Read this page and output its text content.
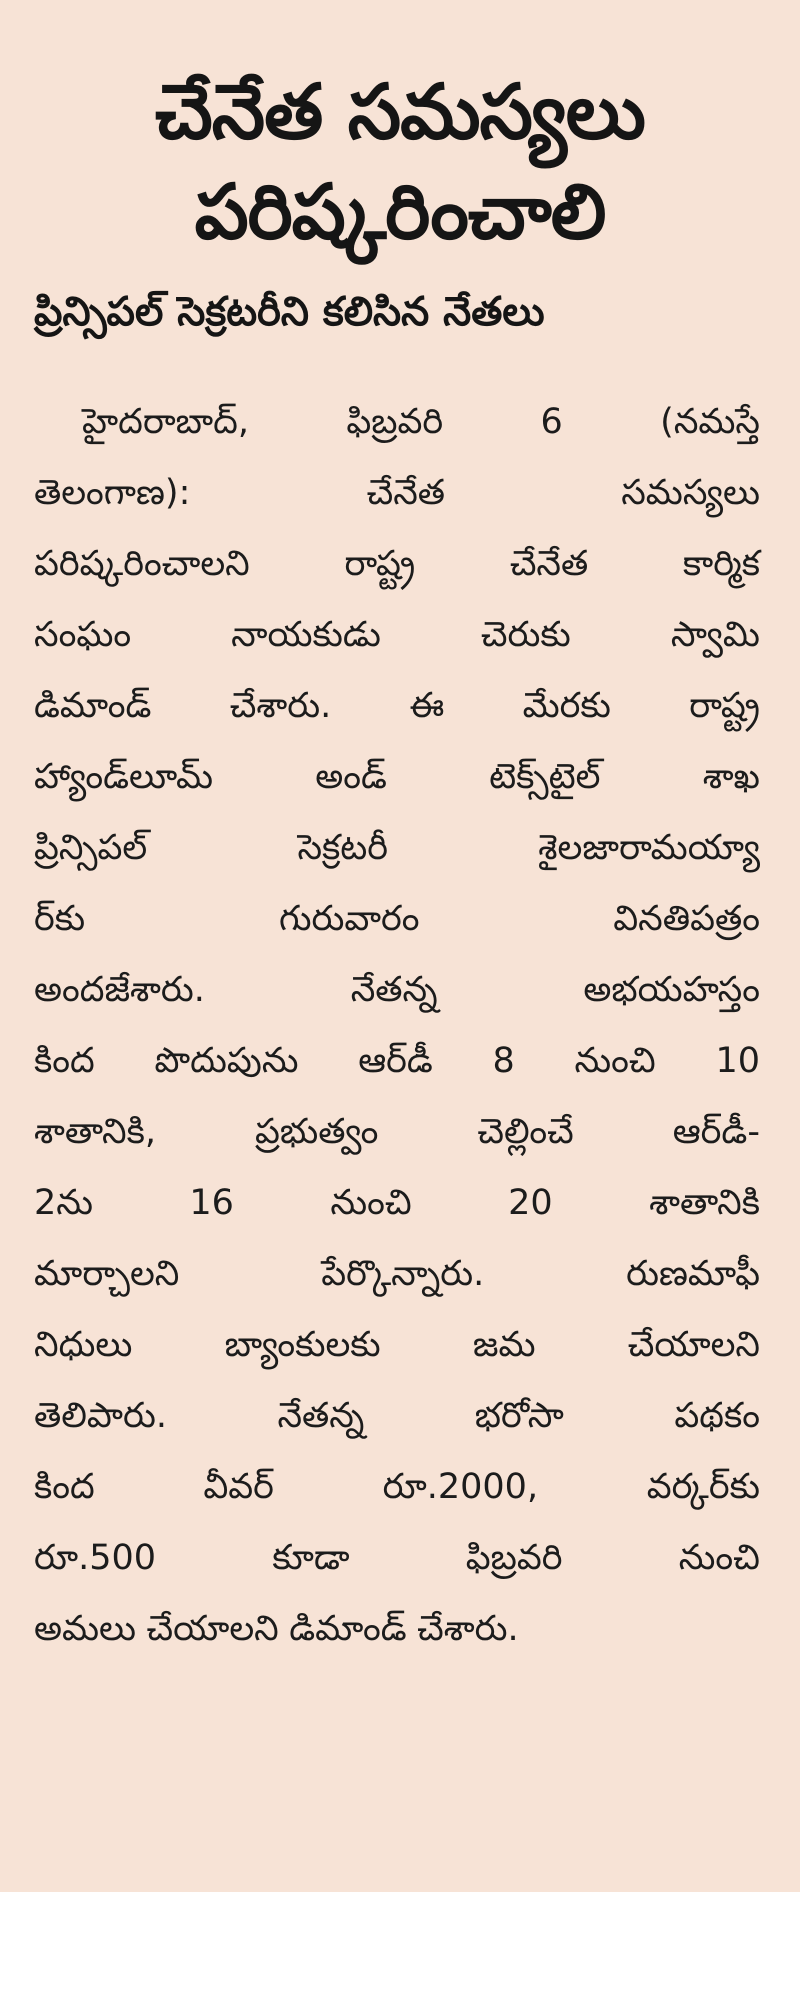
చేనేత సమస్యలు
పరిష్కరించాలి
ప్రిన్సిపల్ సెక్రటరీని కలిసిన నేతలు
హైదరాబాద్,	ఫిబ్రవరి	6	(నమస్తే
తెలంగాణ):	చేనేత	సమస్యలు
పరిష్కరించాలని	రాష్ట్ర	చేనేత	కార్మిక
సంఘం	నాయకుడు	చెరుకు	స్వామి
డిమాండ్ చేశారు. ఈ మేరకు రాష్ట్ర
హ్యాండ్‌లూమ్	అండ్	టెక్స్‌టైల్	శాఖ
ప్రిన్సిపల్	సెక్రటరీ	శైలజారామయ్యా
ర్‌కు	గురువారం	వినతిపత్రం
అందజేశారు.	నేతన్న	అభయహస్తం
కింద పొదుపును ఆర్‌డీ 8 నుంచి 10
శాతానికి,	ప్రభుత్వం	చెల్లించే	ఆర్‌డీ-
2ను	16	నుంచి	20	శాతానికి
మార్చాలని	పేర్కొన్నారు.	రుణమాఫీ
నిధులు	బ్యాంకులకు	జమ	చేయాలని
తెలిపారు.	నేతన్న	భరోసా	పథకం
కింద	వీవర్	రూ.2000,	వర్కర్‌కు
రూ.500	కూడా	ఫిబ్రవరి	నుంచి
అమలు చేయాలని డిమాండ్ చేశారు.
